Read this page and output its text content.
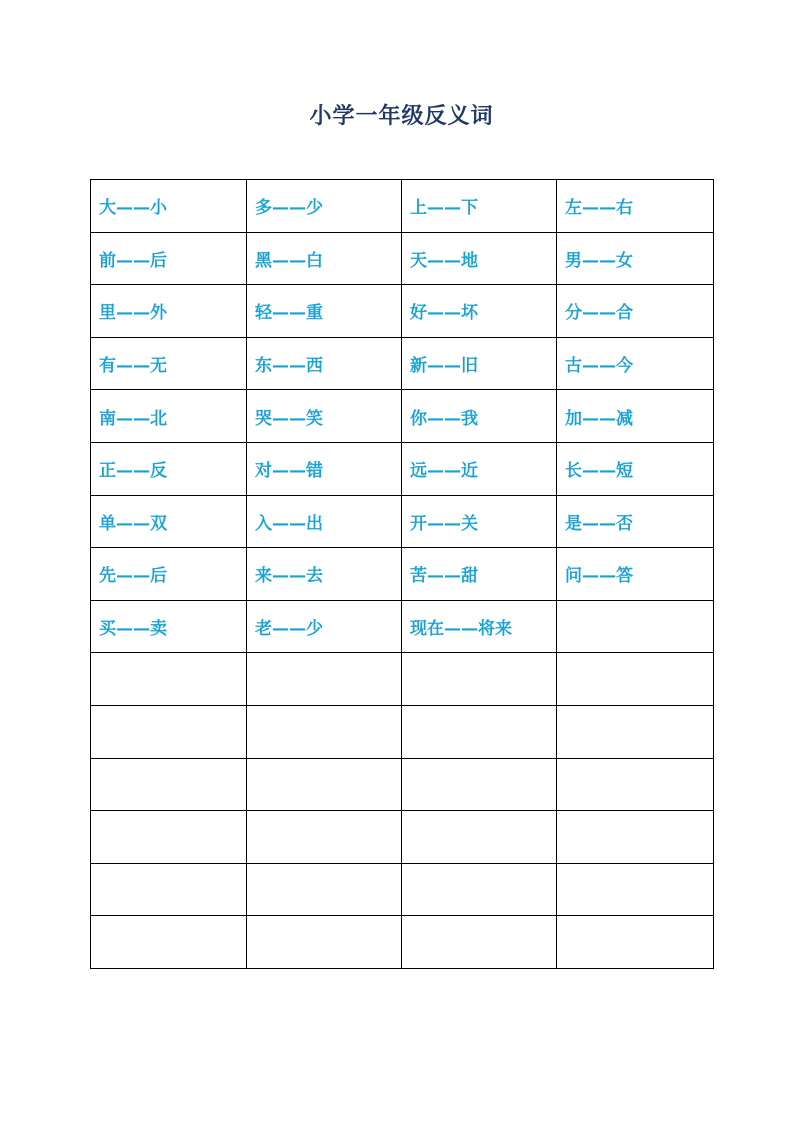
小学一年级反义词
大——小	多——少	上——下	左——右
前——后	黑——白	天——地	男——女
里——外	轻——重	好——坏	分——合
有——无	东——西	新——旧	古——今
南——北	哭——笑	你——我	加——减
正——反	对——错	远——近	长——短
单——双	入——出	开——关	是——否
先——后	来——去	苦——甜	问——答
买——卖	老——少	现在——将来	
